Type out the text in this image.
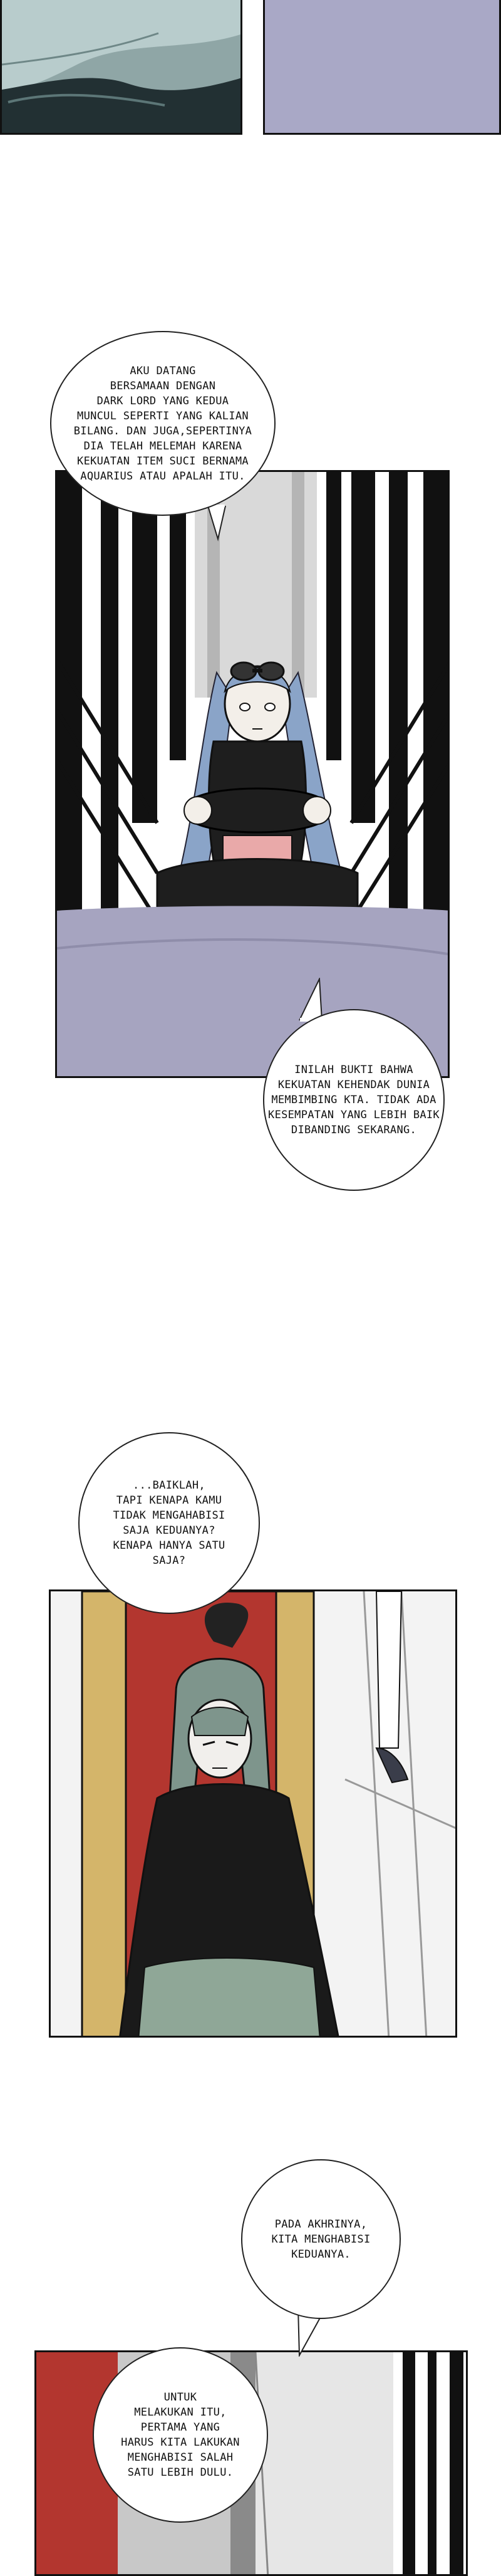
AKU DATANG
BERSAMAAN DENGAN
DARK LORD YANG KEDUA
MUNCUL SEPERTI YANG KALIAN
BILANG. DAN JUGA,SEPERTINYA
DIA TELAH MELEMAH KARENA
KEKUATAN ITEM SUCI BERNAMA
AQUARIUS ATAU APALAH ITU.
INILAH BUKTI BAHWA
KEKUATAN KEHENDAK DUNIA
MEMBIMBING KTA. TIDAK ADA
KESEMPATAN YANG LEBIH BAIK
DIBANDING SEKARANG.
...BAIKLAH,
TAPI KENAPA KAMU
TIDAK MENGAHABISI
SAJA KEDUANYA?
KENAPA HANYA SATU
SAJA?
PADA AKHRINYA,
KITA MENGHABISI
KEDUANYA.
UNTUK
MELAKUKAN ITU,
PERTAMA YANG
HARUS KITA LAKUKAN
MENGHABISI SALAH
SATU LEBIH DULU.
